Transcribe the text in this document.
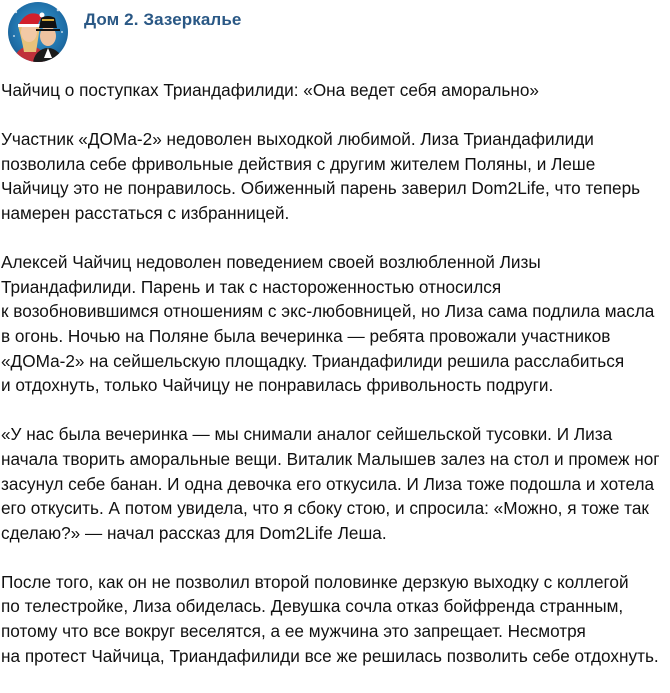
Дом 2. Зазеркалье
Чайчиц о поступках Триандафилиди: «Она ведет себя аморально»
Участник «ДОМа-2» недоволен выходкой любимой. Лиза Триандафилиди
позволила себе фривольные действия с другим жителем Поляны, и Леше
Чайчицу это не понравилось. Обиженный парень заверил Dom2Life, что теперь
намерен расстаться с избранницей.
Алексей Чайчиц недоволен поведением своей возлюбленной Лизы
Триандафилиди. Парень и так с настороженностью относился
к возобновившимся отношениям с экс-любовницей, но Лиза сама подлила масла
в огонь. Ночью на Поляне была вечеринка — ребята провожали участников
«ДОМа-2» на сейшельскую площадку. Триандафилиди решила расслабиться
и отдохнуть, только Чайчицу не понравилась фривольность подруги.
«У нас была вечеринка — мы снимали аналог сейшельской тусовки. И Лиза
начала творить аморальные вещи. Виталик Малышев залез на стол и промеж ног
засунул себе банан. И одна девочка его откусила. И Лиза тоже подошла и хотела
его откусить. А потом увидела, что я сбоку стою, и спросила: «Можно, я тоже так
сделаю?» — начал рассказ для Dom2Life Леша.
После того, как он не позволил второй половинке дерзкую выходку с коллегой
по телестройке, Лиза обиделась. Девушка сочла отказ бойфренда странным,
потому что все вокруг веселятся, а ее мужчина это запрещает. Несмотря
на протест Чайчица, Триандафилиди все же решилась позволить себе отдохнуть.
